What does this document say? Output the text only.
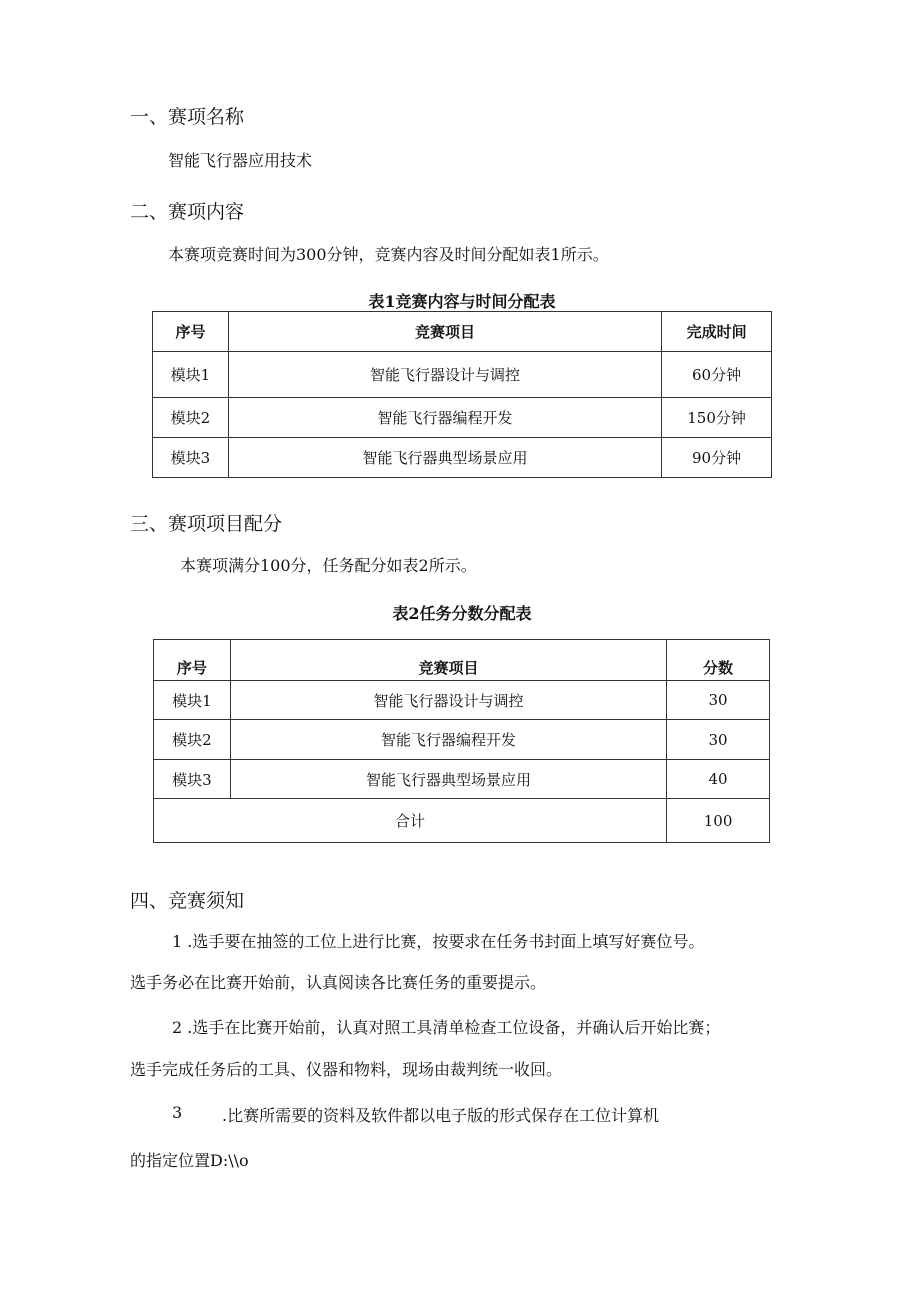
一、赛项名称
智能飞行器应用技术
二、赛项内容
本赛项竞赛时间为300分钟，竞赛内容及时间分配如表1所示。
表1竞赛内容与时间分配表
序号	竞赛项目	完成时间
模块1	智能飞行器设计与调控	60分钟
模块2	智能飞行器编程开发	150分钟
模块3	智能飞行器典型场景应用	90分钟
三、赛项项目配分
本赛项满分100分，任务配分如表2所示。
表2任务分数分配表
序号	竞赛项目	分数
模块1	智能飞行器设计与调控	30
模块2	智能飞行器编程开发	30
模块3	智能飞行器典型场景应用	40
合计		100
四、竞赛须知
1 .选手要在抽签的工位上进行比赛，按要求在任务书封面上填写好赛位号。
选手务必在比赛开始前，认真阅读各比赛任务的重要提示。
2 .选手在比赛开始前，认真对照工具清单检查工位设备，并确认后开始比赛；
选手完成任务后的工具、仪器和物料，现场由裁判统一收回。
3 .比赛所需要的资料及软件都以电子版的形式保存在工位计算机
的指定位置D:\\o
